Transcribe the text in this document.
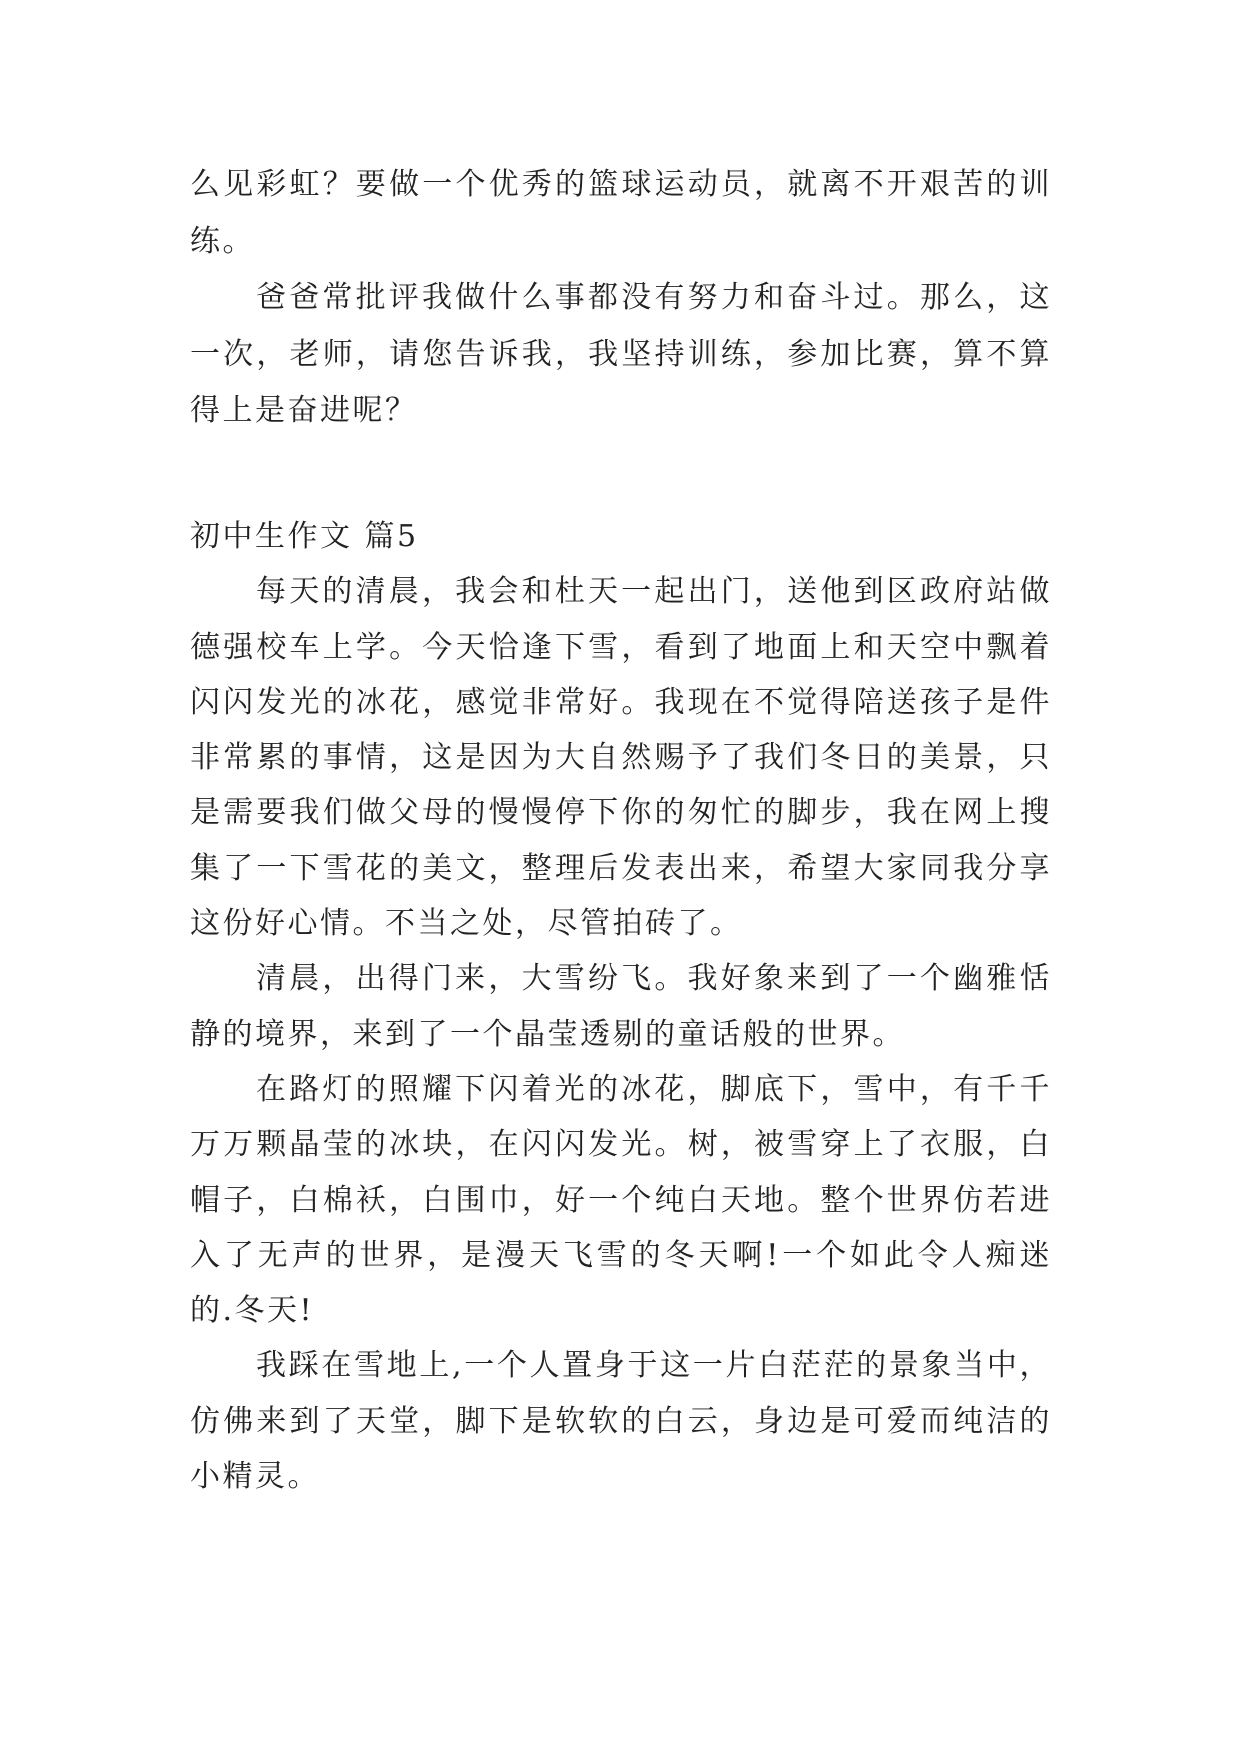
么见彩虹？要做一个优秀的篮球运动员，就离不开艰苦的训
练。
爸爸常批评我做什么事都没有努力和奋斗过。那么，这
一次，老师，请您告诉我，我坚持训练，参加比赛，算不算
得上是奋进呢？
初中生作文 篇5
每天的清晨，我会和杜天一起出门，送他到区政府站做
德强校车上学。今天恰逢下雪，看到了地面上和天空中飘着
闪闪发光的冰花，感觉非常好。我现在不觉得陪送孩子是件
非常累的事情，这是因为大自然赐予了我们冬日的美景，只
是需要我们做父母的慢慢停下你的匆忙的脚步，我在网上搜
集了一下雪花的美文，整理后发表出来，希望大家同我分享
这份好心情。不当之处，尽管拍砖了。
清晨，出得门来，大雪纷飞。我好象来到了一个幽雅恬
静的境界，来到了一个晶莹透剔的童话般的世界。
在路灯的照耀下闪着光的冰花，脚底下，雪中，有千千
万万颗晶莹的冰块，在闪闪发光。树，被雪穿上了衣服，白
帽子，白棉袄，白围巾，好一个纯白天地。整个世界仿若进
入了无声的世界，是漫天飞雪的冬天啊!一个如此令人痴迷
的.冬天!
我踩在雪地上,一个人置身于这一片白茫茫的景象当中，
仿佛来到了天堂，脚下是软软的白云，身边是可爱而纯洁的
小精灵。
